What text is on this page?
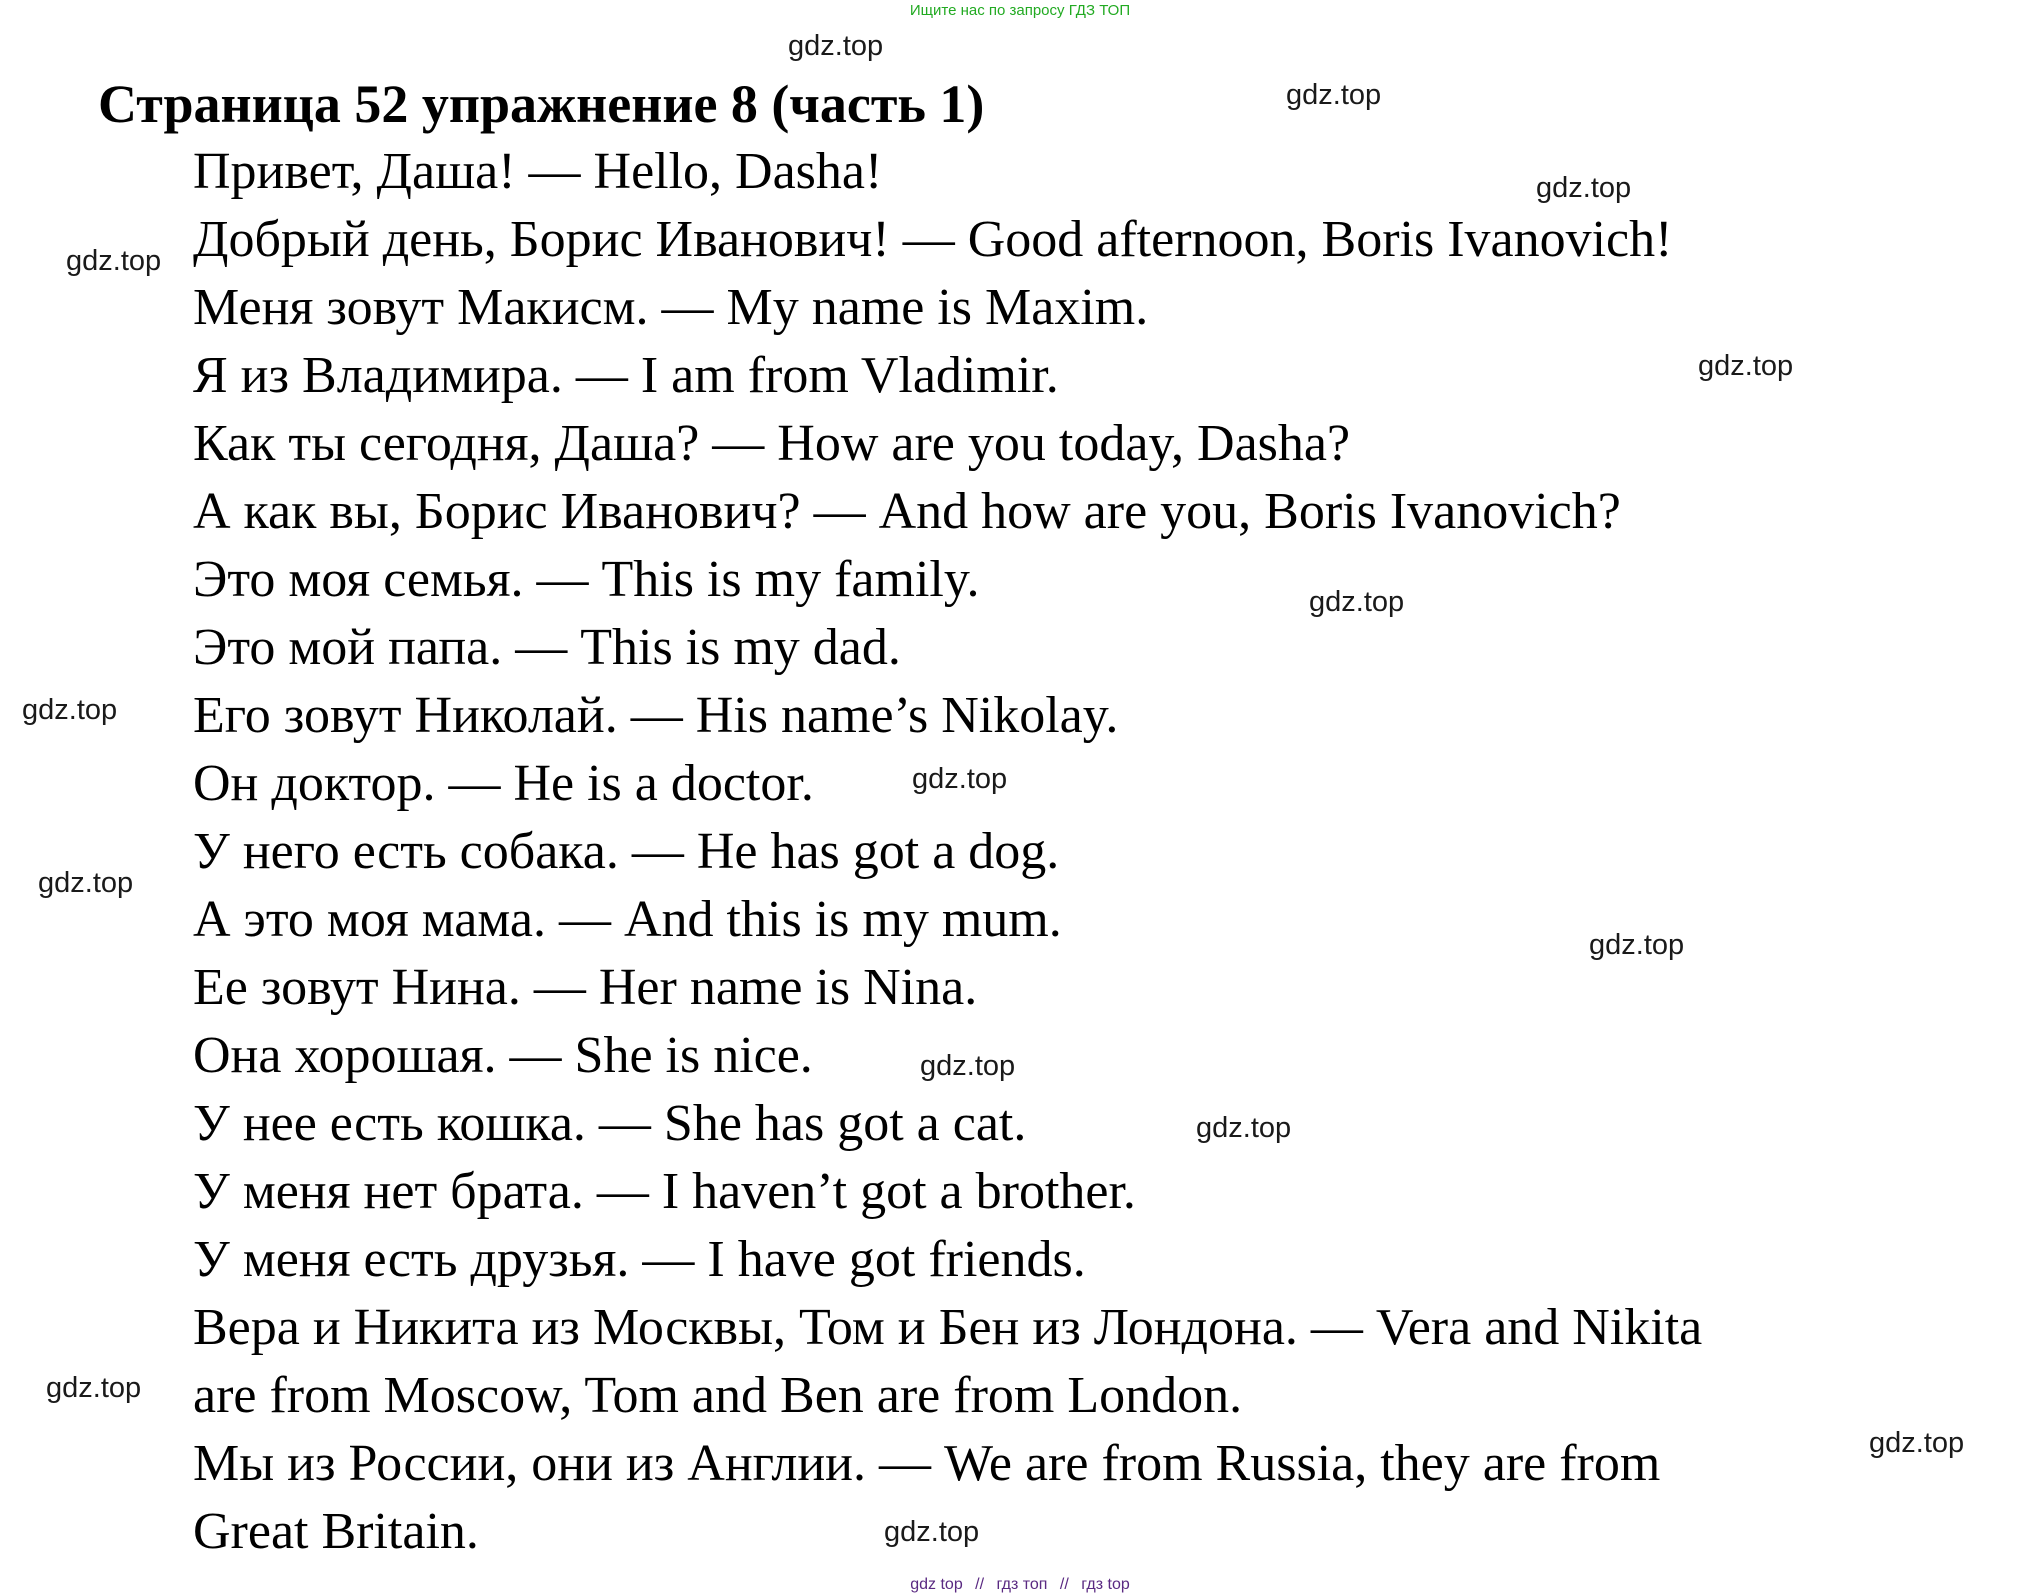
Ищите нас по запросу ГДЗ ТОП
Страница 52 упражнение 8 (часть 1)
Привет, Даша! — Hello, Dasha!
Добрый день, Борис Иванович! — Good afternoon, Boris Ivanovich!
Меня зовут Макисм. — My name is Maxim.
Я из Владимира. — I am from Vladimir.
Как ты сегодня, Даша? — How are you today, Dasha?
А как вы, Борис Иванович? — And how are you, Boris Ivanovich?
Это моя семья. — This is my family.
Это мой папа. — This is my dad.
Его зовут Николай. — His name’s Nikolay.
Он доктор. — He is a doctor.
У него есть собака. — He has got a dog.
А это моя мама. — And this is my mum.
Ее зовут Нина. — Her name is Nina.
Она хорошая. — She is nice.
У нее есть кошка. — She has got a cat.
У меня нет брата. — I haven’t got a brother.
У меня есть друзья. — I have got friends.
Вера и Никита из Москвы, Том и Бен из Лондона. — Vera and Nikita
are from Moscow, Tom and Ben are from London.
Мы из России, они из Англии. — We are from Russia, they are from
Great Britain.
gdz.top
gdz.top
gdz.top
gdz.top
gdz.top
gdz.top
gdz.top
gdz.top
gdz.top
gdz.top
gdz.top
gdz.top
gdz.top
gdz.top
gdz.top
gdz top // гдз топ // гдз top
